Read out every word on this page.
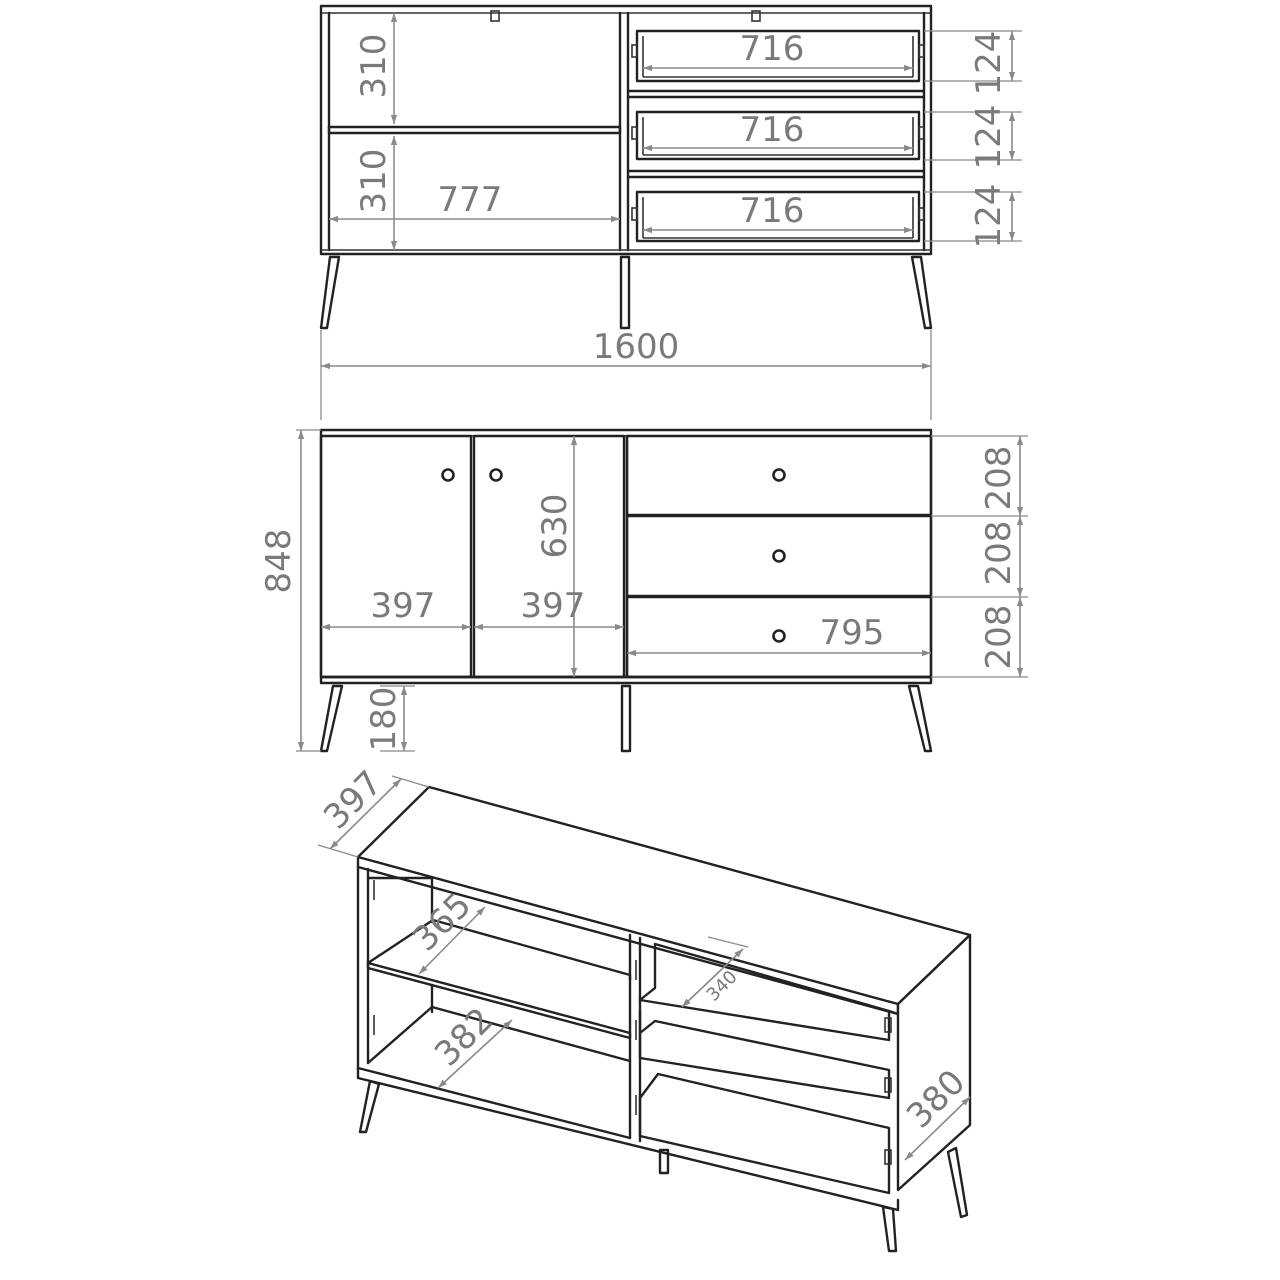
310
310 777
716
716
716
124
124
124
1600
848
630
397	397
795
208
208
208
180
397
365
382
340
380
